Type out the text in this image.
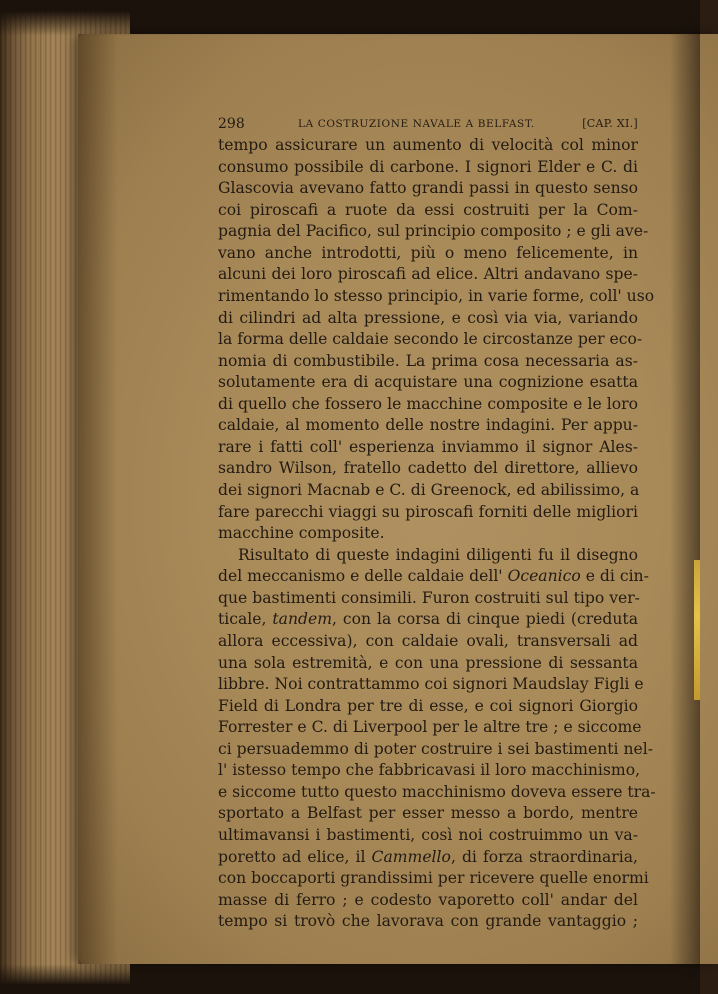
298	LA COSTRUZIONE NAVALE A BELFAST.	[CAP. XI.]
tempo assicurare un aumento di velocità col minor
consumo possibile di carbone. I signori Elder e C. di
Glascovia avevano fatto grandi passi in questo senso
coi piroscafi a ruote da essi costruiti per la Com-
pagnia del Pacifico, sul principio composito ; e gli ave-
vano anche introdotti, più o meno felicemente, in
alcuni dei loro piroscafi ad elice. Altri andavano spe-
rimentando lo stesso principio, in varie forme, coll' uso
di cilindri ad alta pressione, e così via via, variando
la forma delle caldaie secondo le circostanze per eco-
nomia di combustibile. La prima cosa necessaria as-
solutamente era di acquistare una cognizione esatta
di quello che fossero le macchine composite e le loro
caldaie, al momento delle nostre indagini. Per appu-
rare i fatti coll' esperienza inviammo il signor Ales-
sandro Wilson, fratello cadetto del direttore, allievo
dei signori Macnab e C. di Greenock, ed abilissimo, a
fare parecchi viaggi su piroscafi forniti delle migliori
macchine composite.
Risultato di queste indagini diligenti fu il disegno
del meccanismo e delle caldaie dell' Oceanico e di cin-
que bastimenti consimili. Furon costruiti sul tipo ver-
ticale, tandem, con la corsa di cinque piedi (creduta
allora eccessiva), con caldaie ovali, transversali ad
una sola estremità, e con una pressione di sessanta
libbre. Noi contrattammo coi signori Maudslay Figli e
Field di Londra per tre di esse, e coi signori Giorgio
Forrester e C. di Liverpool per le altre tre ; e siccome
ci persuademmo di poter costruire i sei bastimenti nel-
l' istesso tempo che fabbricavasi il loro macchinismo,
e siccome tutto questo macchinismo doveva essere tra-
sportato a Belfast per esser messo a bordo, mentre
ultimavansi i bastimenti, così noi costruimmo un va-
poretto ad elice, il Cammello, di forza straordinaria,
con boccaporti grandissimi per ricevere quelle enormi
masse di ferro ; e codesto vaporetto coll' andar del
tempo si trovò che lavorava con grande vantaggio ;
